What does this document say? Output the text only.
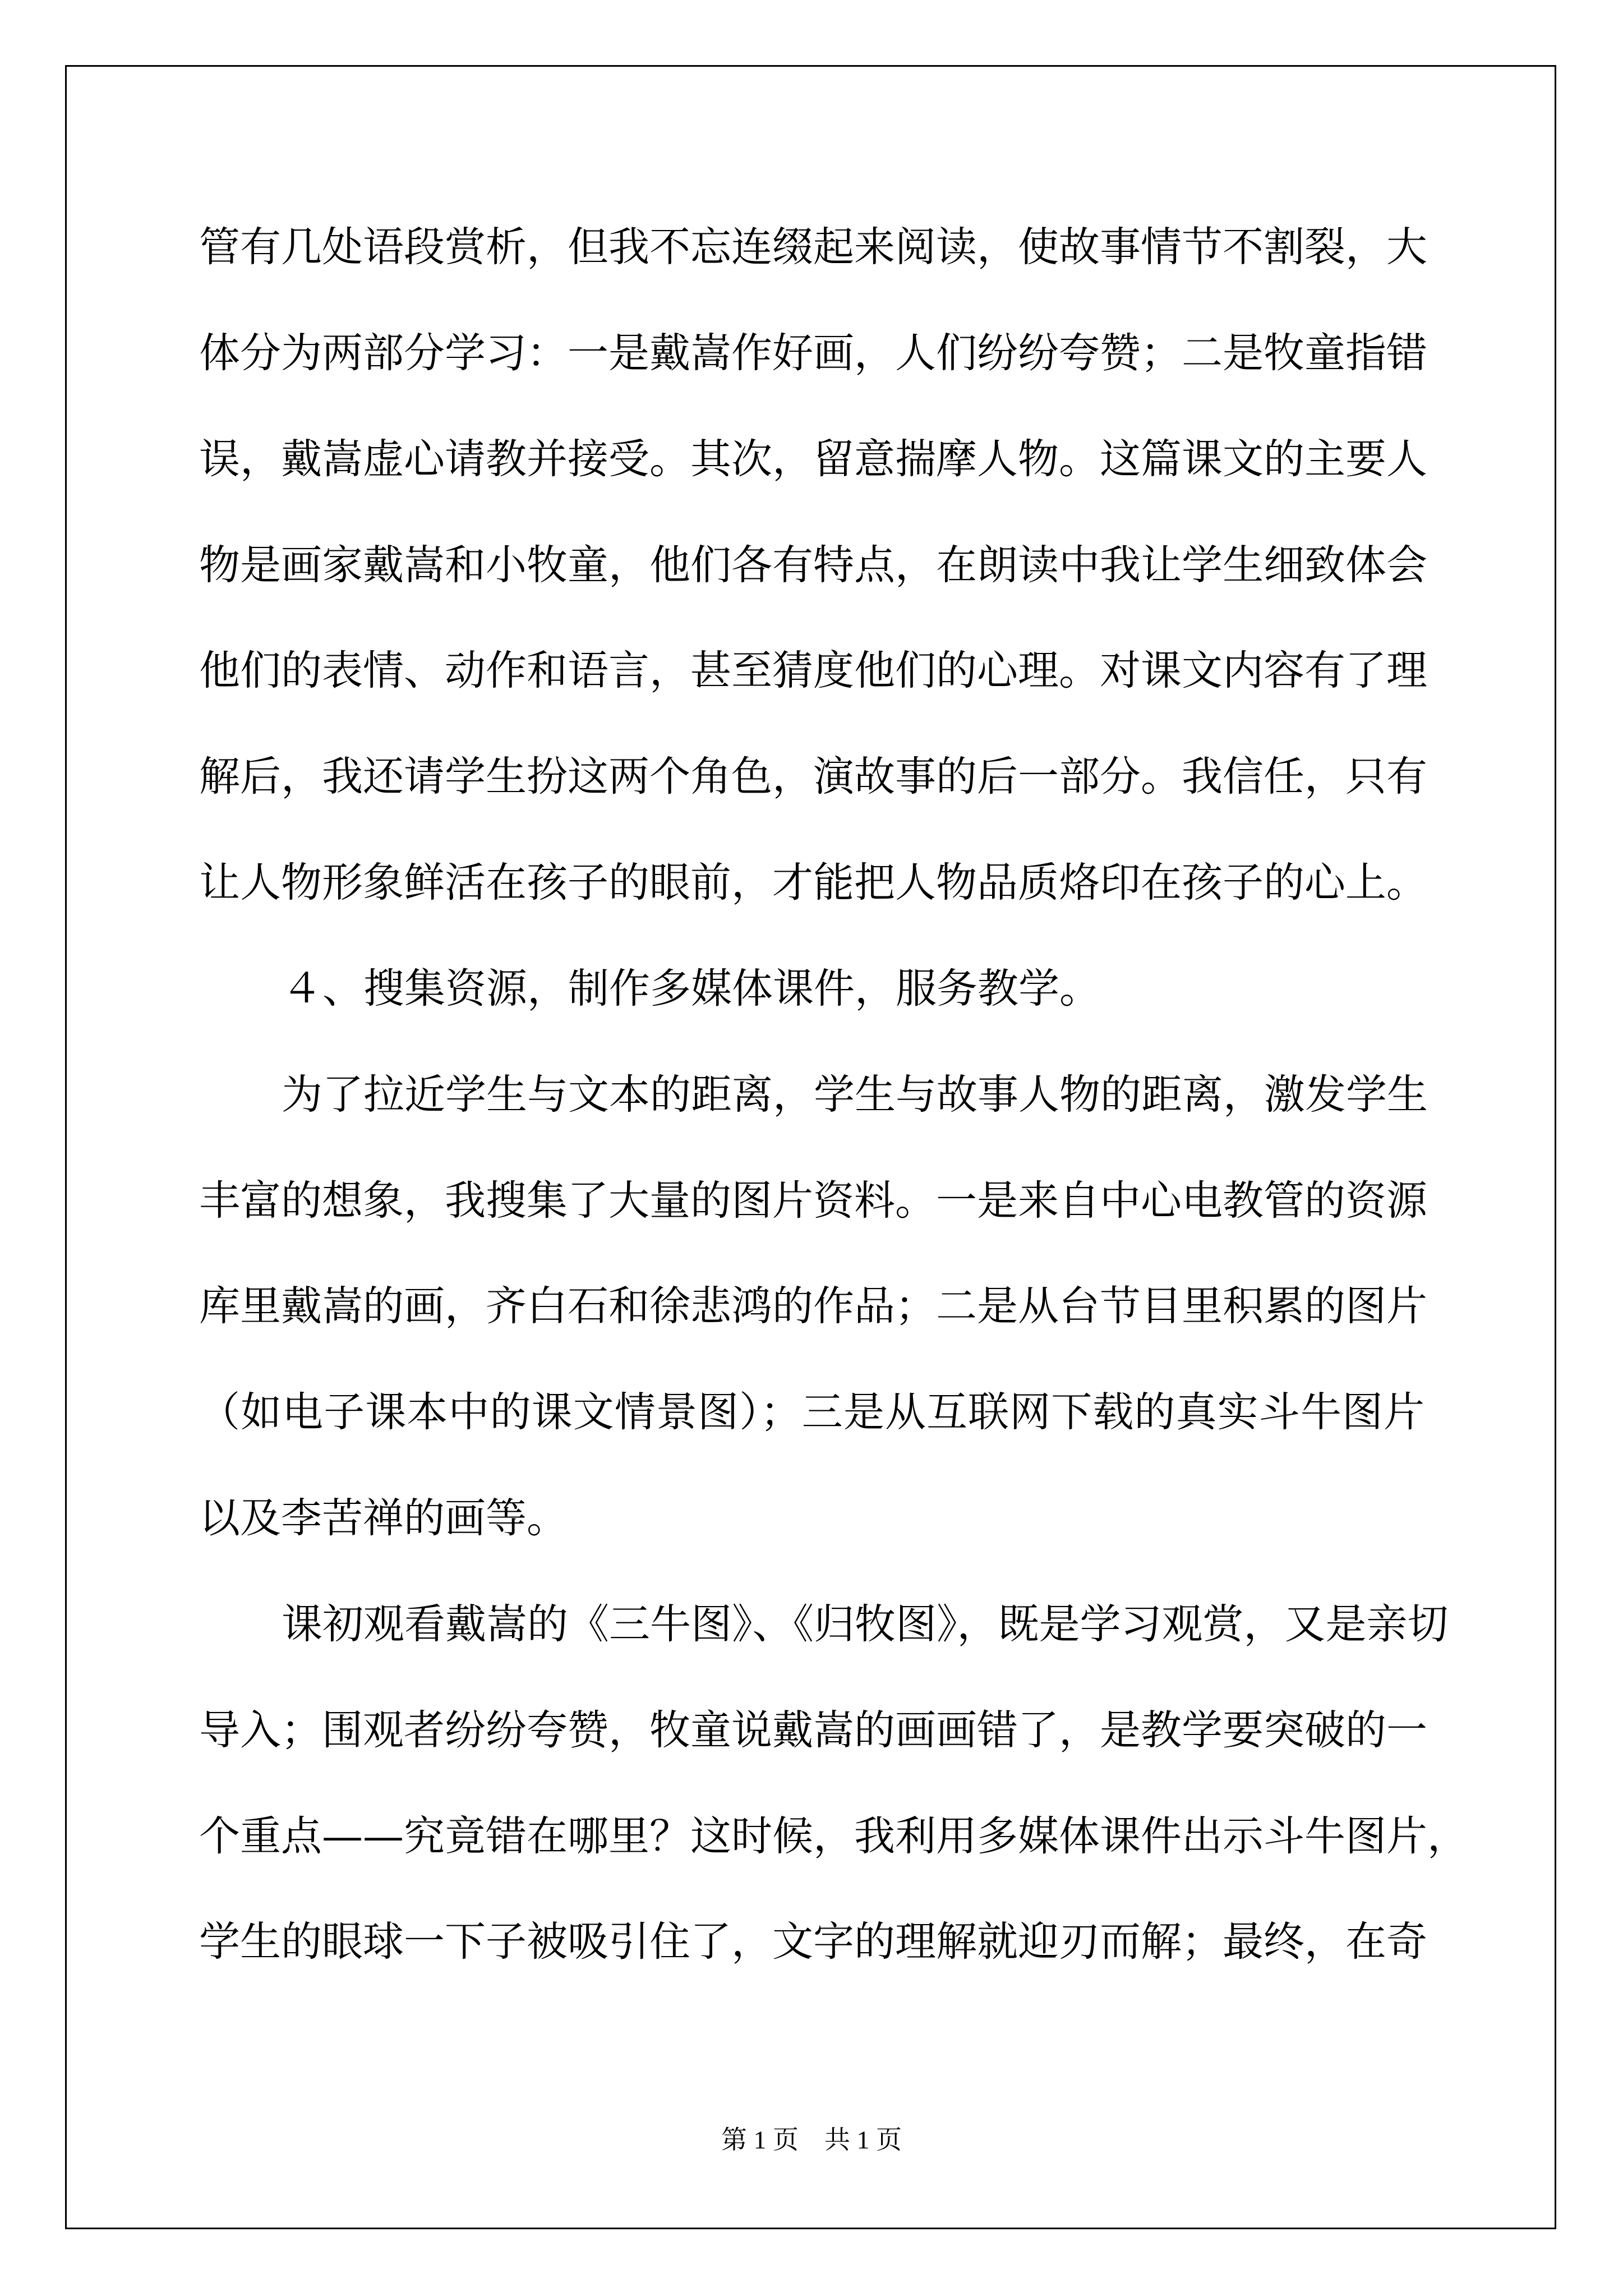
管有几处语段赏析，但我不忘连缀起来阅读，使故事情节不割裂，大

体分为两部分学习：一是戴嵩作好画，人们纷纷夸赞；二是牧童指错

误，戴嵩虚心请教并接受。其次，留意揣摩人物。这篇课文的主要人

物是画家戴嵩和小牧童，他们各有特点，在朗读中我让学生细致体会

他们的表情、动作和语言，甚至猜度他们的心理。对课文内容有了理

解后，我还请学生扮这两个角色，演故事的后一部分。我信任，只有

让人物形象鲜活在孩子的眼前，才能把人物品质烙印在孩子的心上。

４、搜集资源，制作多媒体课件，服务教学。

为了拉近学生与文本的距离，学生与故事人物的距离，激发学生

丰富的想象，我搜集了大量的图片资料。一是来自中心电教管的资源

库里戴嵩的画，齐白石和徐悲鸿的作品；二是从台节目里积累的图片

（如电子课本中的课文情景图）；三是从互联网下载的真实斗牛图片

以及李苦禅的画等。

课初观看戴嵩的《三牛图》、《归牧图》，既是学习观赏，又是亲切

导入；围观者纷纷夸赞，牧童说戴嵩的画画错了，是教学要突破的一

个重点——究竟错在哪里？这时候，我利用多媒体课件出示斗牛图片，

学生的眼球一下子被吸引住了，文字的理解就迎刃而解；最终，在奇

第 1 页    共 1 页
